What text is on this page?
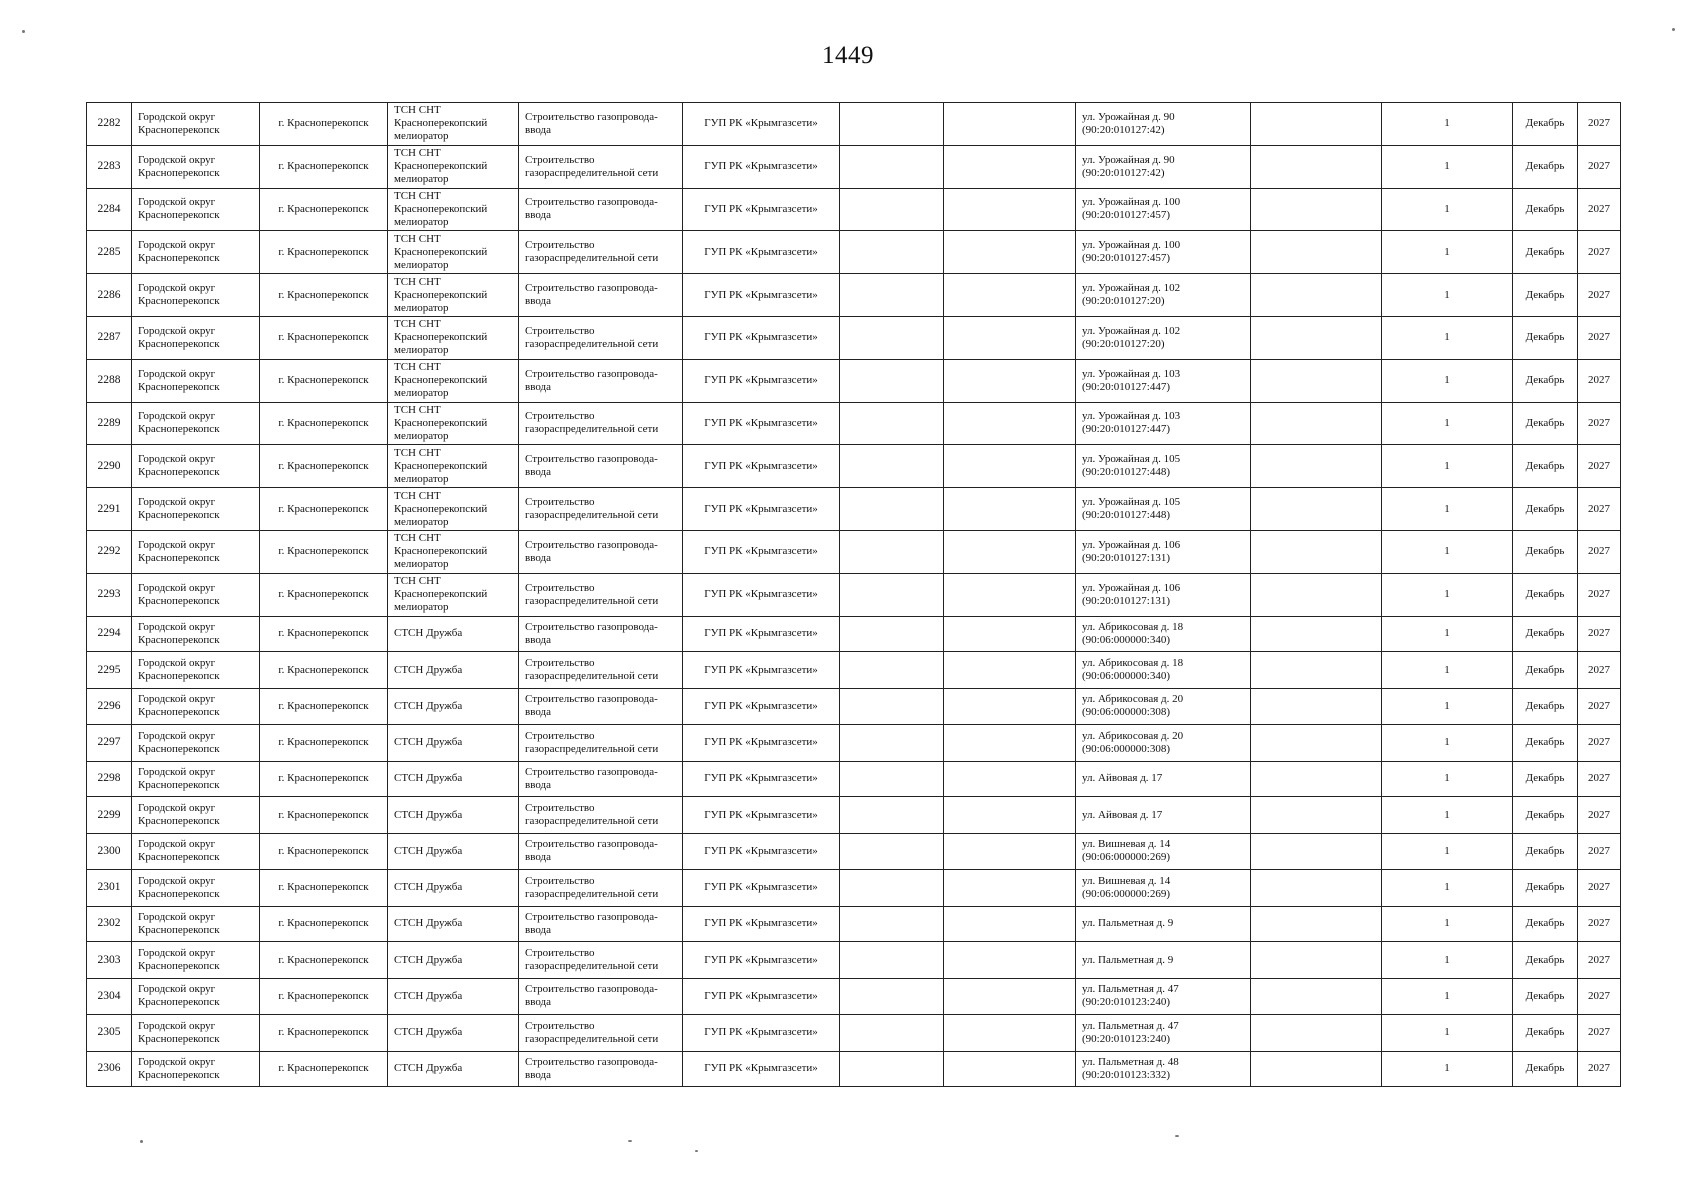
1449
2282	Городской округ Красноперекопск	г. Красноперекопск	ТСН СНТ Красноперекопский мелиоратор	Строительство газопровода-ввода	ГУП РК «Крымгазсети»			ул. Урожайная д. 90 (90:20:010127:42)		1	Декабрь	2027
2283	Городской округ Красноперекопск	г. Красноперекопск	ТСН СНТ Красноперекопский мелиоратор	Строительство газораспределительной сети	ГУП РК «Крымгазсети»			ул. Урожайная д. 90 (90:20:010127:42)		1	Декабрь	2027
2284	Городской округ Красноперекопск	г. Красноперекопск	ТСН СНТ Красноперекопский мелиоратор	Строительство газопровода-ввода	ГУП РК «Крымгазсети»			ул. Урожайная д. 100 (90:20:010127:457)		1	Декабрь	2027
2285	Городской округ Красноперекопск	г. Красноперекопск	ТСН СНТ Красноперекопский мелиоратор	Строительство газораспределительной сети	ГУП РК «Крымгазсети»			ул. Урожайная д. 100 (90:20:010127:457)		1	Декабрь	2027
2286	Городской округ Красноперекопск	г. Красноперекопск	ТСН СНТ Красноперекопский мелиоратор	Строительство газопровода-ввода	ГУП РК «Крымгазсети»			ул. Урожайная д. 102 (90:20:010127:20)		1	Декабрь	2027
2287	Городской округ Красноперекопск	г. Красноперекопск	ТСН СНТ Красноперекопский мелиоратор	Строительство газораспределительной сети	ГУП РК «Крымгазсети»			ул. Урожайная д. 102 (90:20:010127:20)		1	Декабрь	2027
2288	Городской округ Красноперекопск	г. Красноперекопск	ТСН СНТ Красноперекопский мелиоратор	Строительство газопровода-ввода	ГУП РК «Крымгазсети»			ул. Урожайная д. 103 (90:20:010127:447)		1	Декабрь	2027
2289	Городской округ Красноперекопск	г. Красноперекопск	ТСН СНТ Красноперекопский мелиоратор	Строительство газораспределительной сети	ГУП РК «Крымгазсети»			ул. Урожайная д. 103 (90:20:010127:447)		1	Декабрь	2027
2290	Городской округ Красноперекопск	г. Красноперекопск	ТСН СНТ Красноперекопский мелиоратор	Строительство газопровода-ввода	ГУП РК «Крымгазсети»			ул. Урожайная д. 105 (90:20:010127:448)		1	Декабрь	2027
2291	Городской округ Красноперекопск	г. Красноперекопск	ТСН СНТ Красноперекопский мелиоратор	Строительство газораспределительной сети	ГУП РК «Крымгазсети»			ул. Урожайная д. 105 (90:20:010127:448)		1	Декабрь	2027
2292	Городской округ Красноперекопск	г. Красноперекопск	ТСН СНТ Красноперекопский мелиоратор	Строительство газопровода-ввода	ГУП РК «Крымгазсети»			ул. Урожайная д. 106 (90:20:010127:131)		1	Декабрь	2027
2293	Городской округ Красноперекопск	г. Красноперекопск	ТСН СНТ Красноперекопский мелиоратор	Строительство газораспределительной сети	ГУП РК «Крымгазсети»			ул. Урожайная д. 106 (90:20:010127:131)		1	Декабрь	2027
2294	Городской округ Красноперекопск	г. Красноперекопск	СТСН Дружба	Строительство газопровода-ввода	ГУП РК «Крымгазсети»			ул. Абрикосовая д. 18 (90:06:000000:340)		1	Декабрь	2027
2295	Городской округ Красноперекопск	г. Красноперекопск	СТСН Дружба	Строительство газораспределительной сети	ГУП РК «Крымгазсети»			ул. Абрикосовая д. 18 (90:06:000000:340)		1	Декабрь	2027
2296	Городской округ Красноперекопск	г. Красноперекопск	СТСН Дружба	Строительство газопровода-ввода	ГУП РК «Крымгазсети»			ул. Абрикосовая д. 20 (90:06:000000:308)		1	Декабрь	2027
2297	Городской округ Красноперекопск	г. Красноперекопск	СТСН Дружба	Строительство газораспределительной сети	ГУП РК «Крымгазсети»			ул. Абрикосовая д. 20 (90:06:000000:308)		1	Декабрь	2027
2298	Городской округ Красноперекопск	г. Красноперекопск	СТСН Дружба	Строительство газопровода-ввода	ГУП РК «Крымгазсети»			ул. Айвовая д. 17		1	Декабрь	2027
2299	Городской округ Красноперекопск	г. Красноперекопск	СТСН Дружба	Строительство газораспределительной сети	ГУП РК «Крымгазсети»			ул. Айвовая д. 17		1	Декабрь	2027
2300	Городской округ Красноперекопск	г. Красноперекопск	СТСН Дружба	Строительство газопровода-ввода	ГУП РК «Крымгазсети»			ул. Вишневая д. 14 (90:06:000000:269)		1	Декабрь	2027
2301	Городской округ Красноперекопск	г. Красноперекопск	СТСН Дружба	Строительство газораспределительной сети	ГУП РК «Крымгазсети»			ул. Вишневая д. 14 (90:06:000000:269)		1	Декабрь	2027
2302	Городской округ Красноперекопск	г. Красноперекопск	СТСН Дружба	Строительство газопровода-ввода	ГУП РК «Крымгазсети»			ул. Пальметная д. 9		1	Декабрь	2027
2303	Городской округ Красноперекопск	г. Красноперекопск	СТСН Дружба	Строительство газораспределительной сети	ГУП РК «Крымгазсети»			ул. Пальметная д. 9		1	Декабрь	2027
2304	Городской округ Красноперекопск	г. Красноперекопск	СТСН Дружба	Строительство газопровода-ввода	ГУП РК «Крымгазсети»			ул. Пальметная д. 47 (90:20:010123:240)		1	Декабрь	2027
2305	Городской округ Красноперекопск	г. Красноперекопск	СТСН Дружба	Строительство газораспределительной сети	ГУП РК «Крымгазсети»			ул. Пальметная д. 47 (90:20:010123:240)		1	Декабрь	2027
2306	Городской округ Красноперекопск	г. Красноперекопск	СТСН Дружба	Строительство газопровода-ввода	ГУП РК «Крымгазсети»			ул. Пальметная д. 48 (90:20:010123:332)		1	Декабрь	2027
